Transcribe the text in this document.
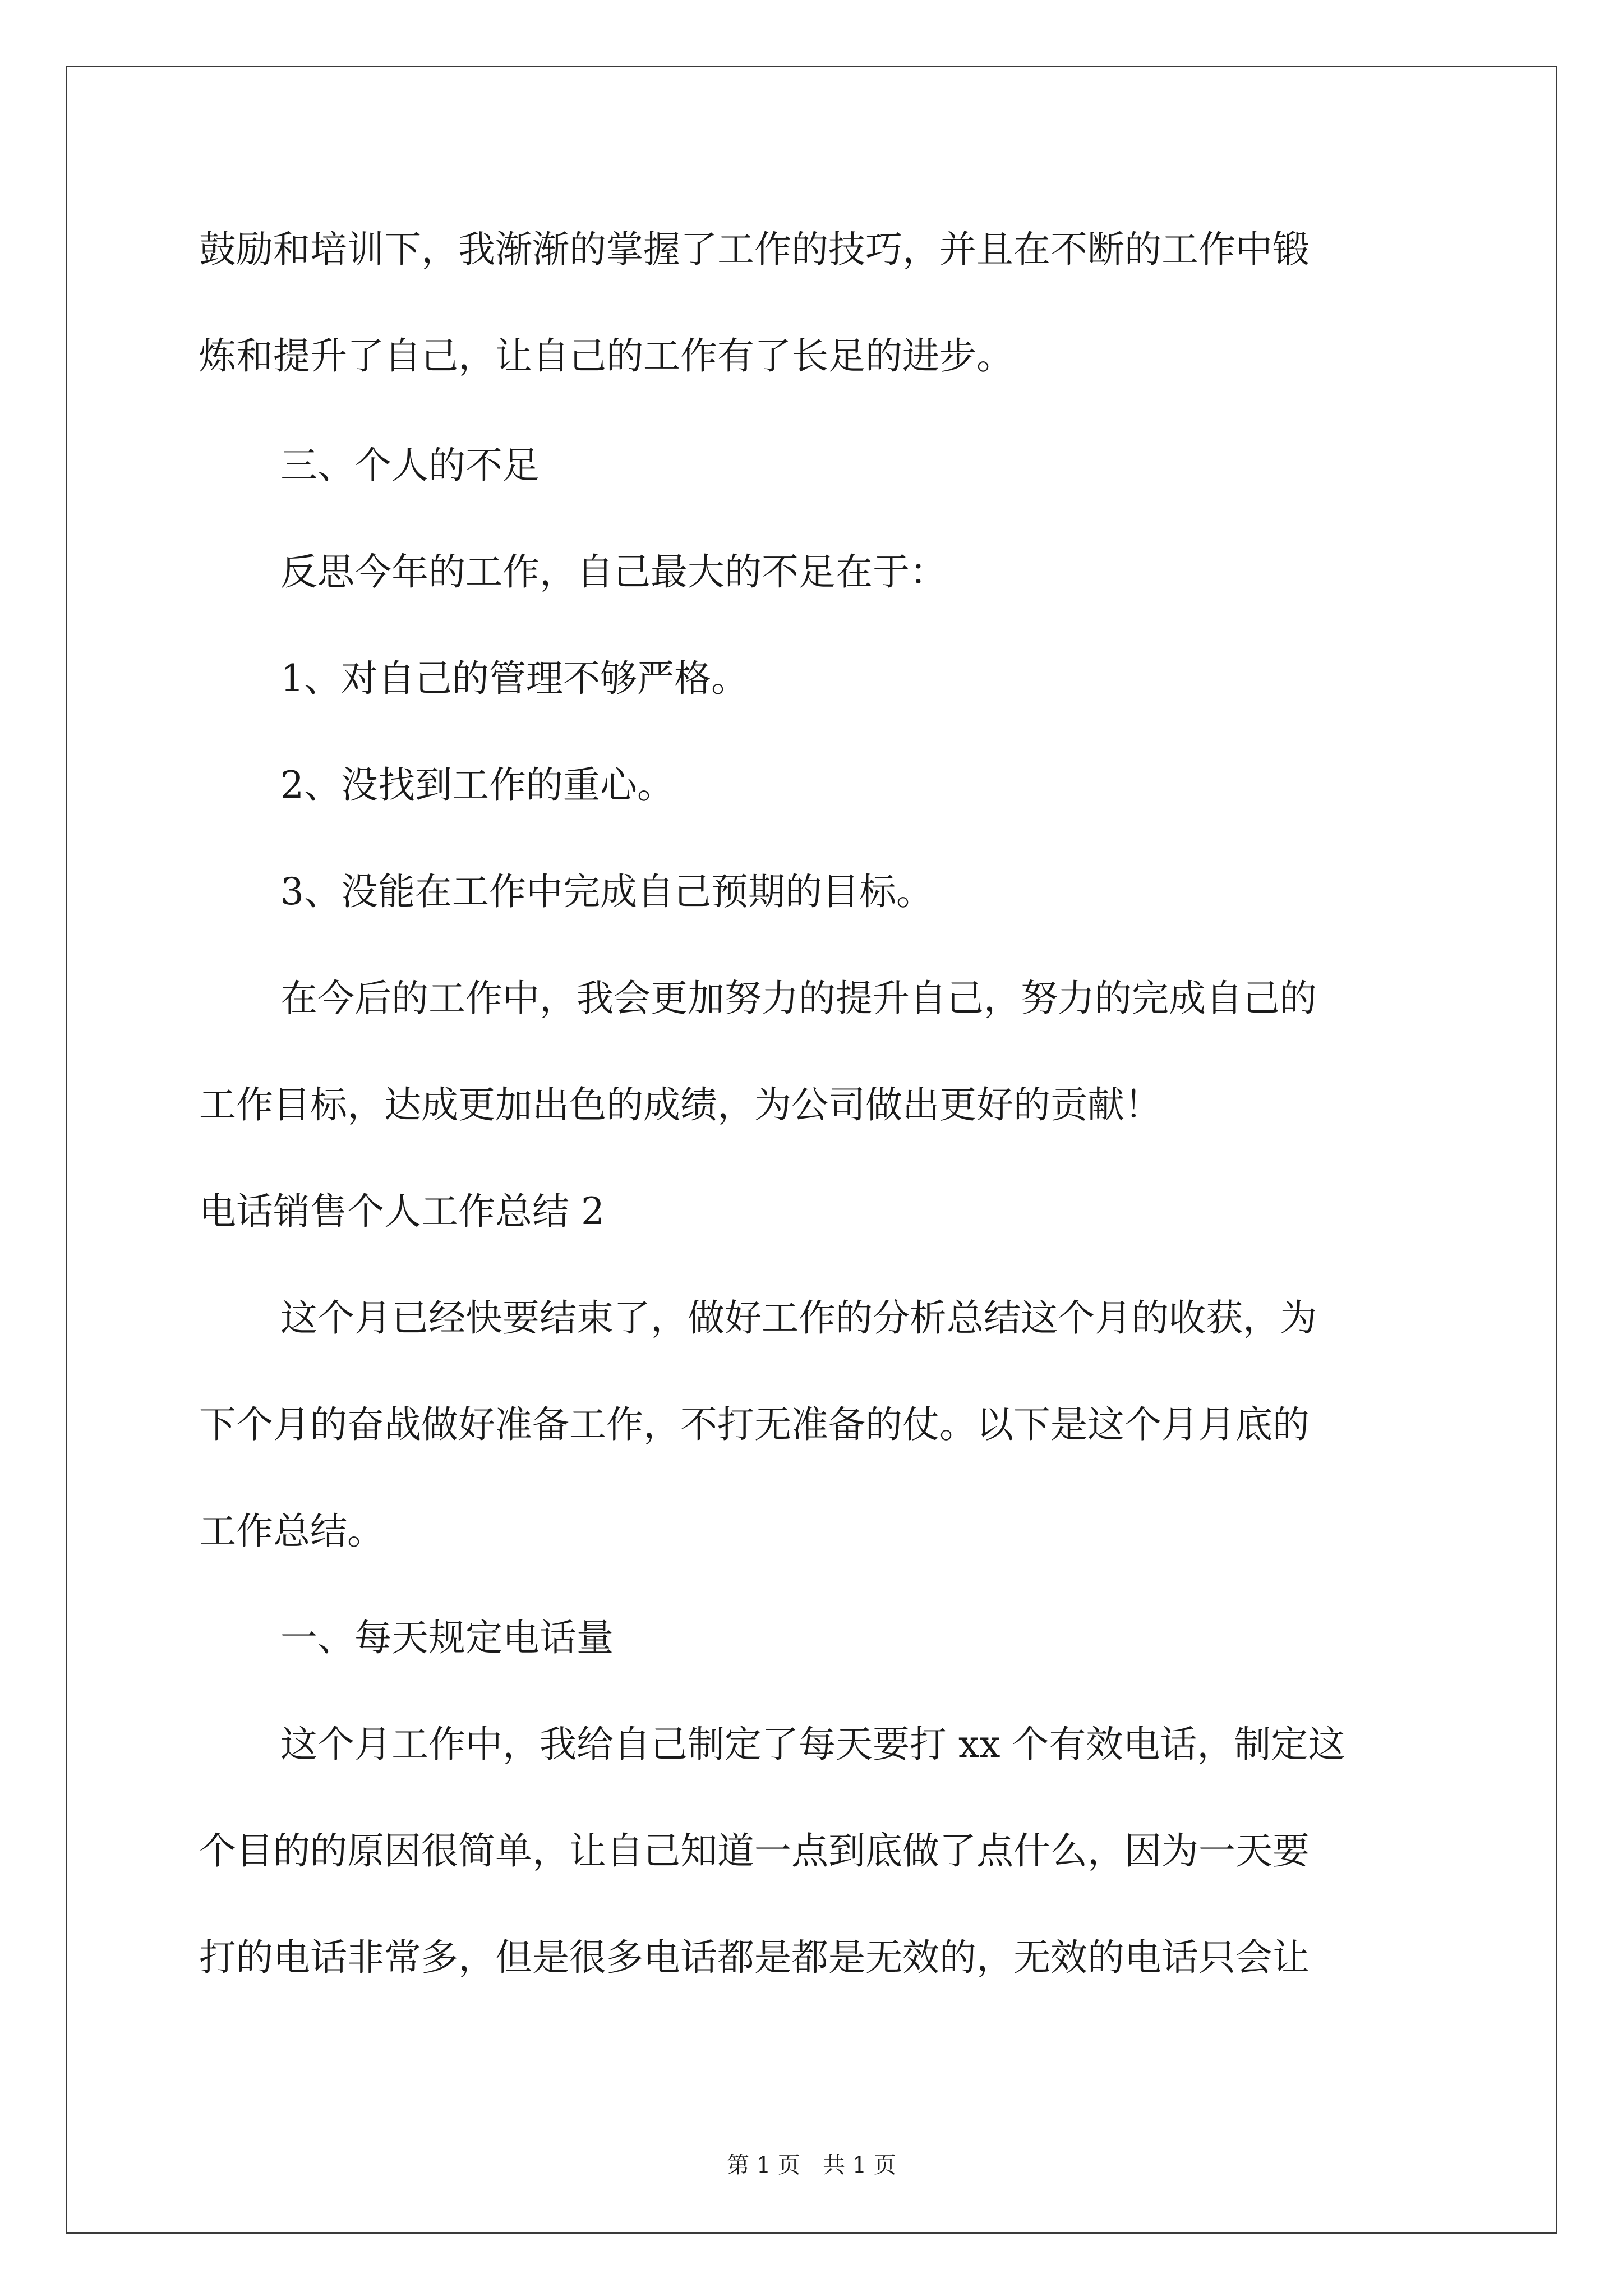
鼓励和培训下，我渐渐的掌握了工作的技巧，并且在不断的工作中锻
炼和提升了自己，让自己的工作有了长足的进步。
三、个人的不足
反思今年的工作，自己最大的不足在于：
1、对自己的管理不够严格。
2、没找到工作的重心。
3、没能在工作中完成自己预期的目标。
在今后的工作中，我会更加努力的提升自己，努力的完成自己的
工作目标，达成更加出色的成绩，为公司做出更好的贡献！
电话销售个人工作总结 2
这个月已经快要结束了，做好工作的分析总结这个月的收获，为
下个月的奋战做好准备工作，不打无准备的仗。以下是这个月月底的
工作总结。
一、每天规定电话量
这个月工作中，我给自己制定了每天要打 xx 个有效电话，制定这
个目的的原因很简单，让自己知道一点到底做了点什么，因为一天要
打的电话非常多，但是很多电话都是都是无效的，无效的电话只会让
第 1 页　共 1 页
